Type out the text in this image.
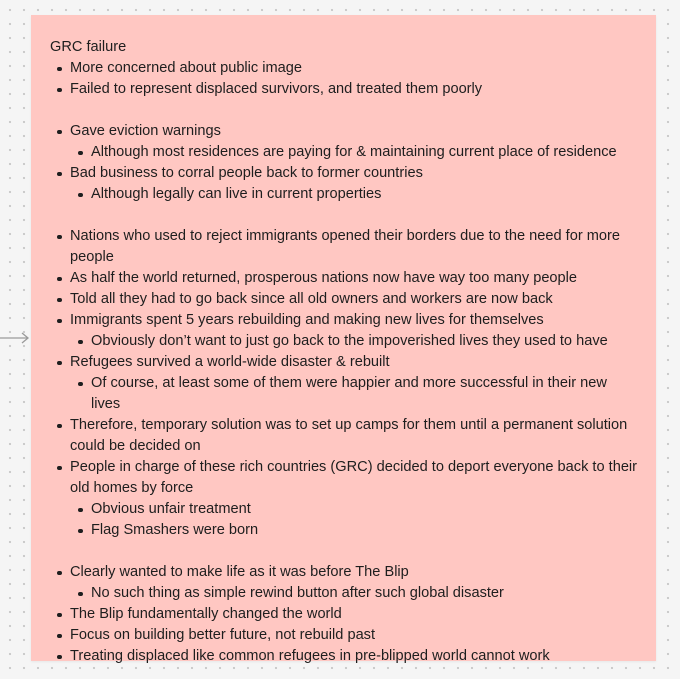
GRC failure
More concerned about public image
Failed to represent displaced survivors, and treated them poorly
Gave eviction warnings
Although most residences are paying for & maintaining current place of residence
Bad business to corral people back to former countries
Although legally can live in current properties
Nations who used to reject immigrants opened their borders due to the need for more people
As half the world returned, prosperous nations now have way too many people
Told all they had to go back since all old owners and workers are now back
Immigrants spent 5 years rebuilding and making new lives for themselves
Obviously don’t want to just go back to the impoverished lives they used to have
Refugees survived a world-wide disaster & rebuilt
Of course, at least some of them were happier and more successful in their new lives
Therefore, temporary solution was to set up camps for them until a permanent solution could be decided on
People in charge of these rich countries (GRC) decided to deport everyone back to their old homes by force
Obvious unfair treatment
Flag Smashers were born
Clearly wanted to make life as it was before The Blip
No such thing as simple rewind button after such global disaster
The Blip fundamentally changed the world
Focus on building better future, not rebuild past
Treating displaced like common refugees in pre-blipped world cannot work
